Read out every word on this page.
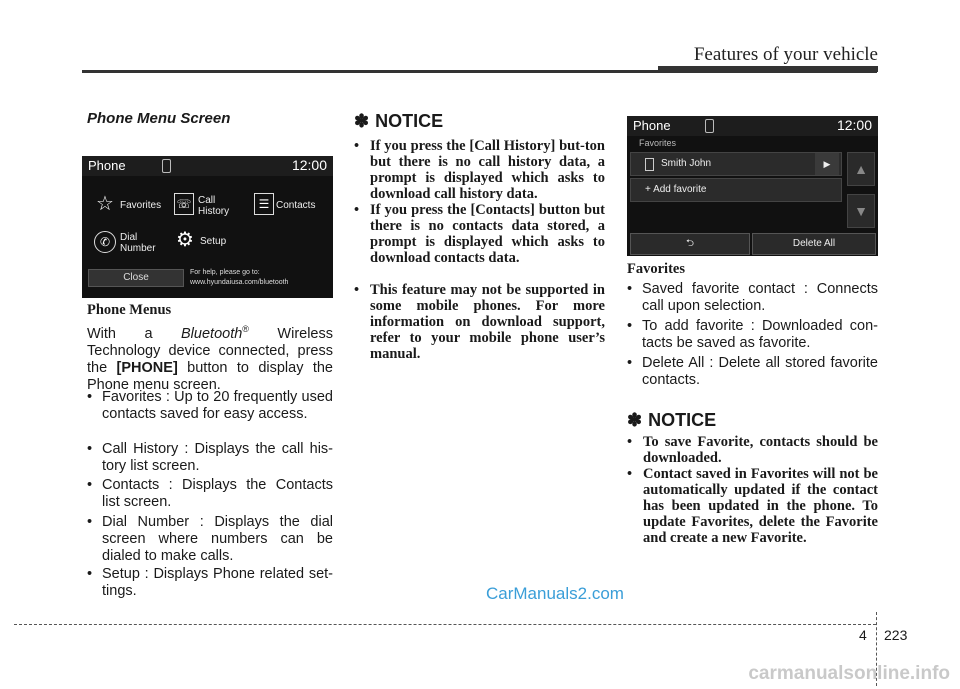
Features of your vehicle
Phone Menu Screen
Phone	12:00
☆ Favorites ☏ Call
History
☰ Contacts
✆ Dial
Number ⚙ Setup
Close	For help, please go to:
www.hyundaiusa.com/bluetooth
Phone Menus
With a Bluetooth® Wireless Technology device connected, press the [PHONE] button to display the Phone menu screen.
• Favorites : Up to 20 frequently used contacts saved for easy access.
• Call History : Displays the call his-tory list screen.
• Contacts : Displays the Contacts list screen.
• Dial Number : Displays the dial screen where numbers can be dialed to make calls.
• Setup : Displays Phone related set-tings.
✽ NOTICE
• If you press the [Call History] but-ton but there is no call history data, a prompt is displayed which asks to download call history data.
• If you press the [Contacts] button but there is no contacts data stored, a prompt is displayed which asks to download contacts data.
• This feature may not be supported in some mobile phones. For more information on download support, refer to your mobile phone user’s manual.
Phone	12:00
Favorites
Smith John	▶
+ Add favorite
▲
▼
⮌	Delete All
Favorites
• Saved favorite contact : Connects call upon selection.
• To add favorite : Downloaded con-tacts be saved as favorite.
• Delete All : Delete all stored favorite contacts.
✽ NOTICE
• To save Favorite, contacts should be downloaded.
• Contact saved in Favorites will not be automatically updated if the contact has been updated in the phone. To update Favorites, delete the Favorite and create a new Favorite.
CarManuals2.com
4 223
carmanualsonline.info
